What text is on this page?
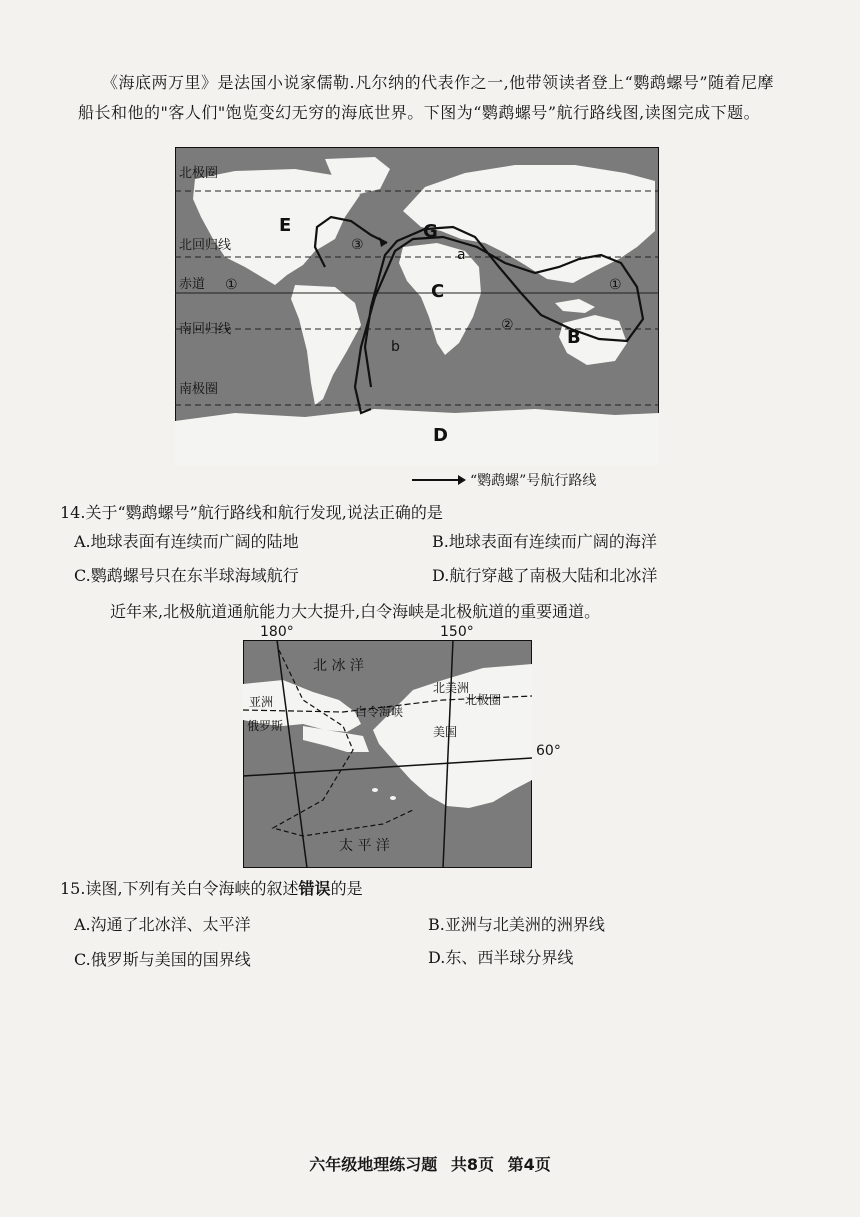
《海底两万里》是法国小说家儒勒.凡尔纳的代表作之一,他带领读者登上“鹦鹉螺号”随着尼摩船长和他的"客人们"饱览变幻无穷的海底世界。下图为“鹦鹉螺号”航行路线图,读图完成下题。
北极圈
北回归线
赤道
南回归线
南极圈
E	G
C
B
D
①
③
②
①
a
b
“鹦鹉螺”号航行路线
14.关于“鹦鹉螺号”航行路线和航行发现,说法正确的是
A.地球表面有连续而广阔的陆地	B.地球表面有连续而广阔的海洋
C.鹦鹉螺号只在东半球海域航行	D.航行穿越了南极大陆和北冰洋
近年来,北极航道通航能力大大提升,白令海峡是北极航道的重要通道。
180°	150°
60°
北 冰 洋
太 平 洋
亚洲
俄罗斯
北美洲
美国
北极圈
白令海峡
15.读图,下列有关白令海峡的叙述错误的是
A.沟通了北冰洋、太平洋	B.亚洲与北美洲的洲界线
C.俄罗斯与美国的国界线	D.东、西半球分界线
六年级地理练习题 共8页 第4页
